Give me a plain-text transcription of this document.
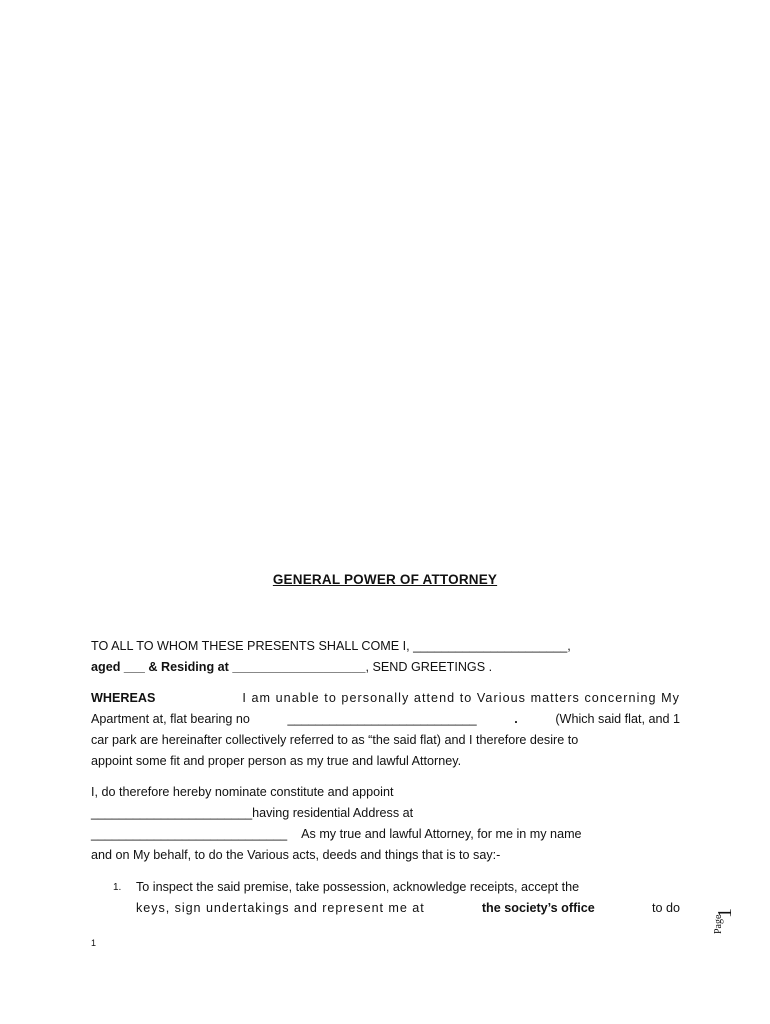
GENERAL POWER OF ATTORNEY
TO ALL TO WHOM THESE PRESENTS SHALL COME I, ______________________,
aged ___ & Residing at ___________________, SEND GREETINGS .
WHEREAS	I am unable to personally attend to Various matters concerning My
Apartment at, flat bearing no	___________________________	.	(Which said flat, and 1
car park are hereinafter collectively referred to as “the said flat) and I therefore desire to
appoint some fit and proper person as my true and lawful Attorney.
I, do therefore hereby nominate constitute and appoint
_______________________having residential Address at
____________________________ As my true and lawful Attorney, for me in my name
and on My behalf, to do the Various acts, deeds and things that is to say:-
1. To inspect the said premise, take possession, acknowledge receipts, accept the
keys, sign undertakings and represent me at	the society’s office	to do
1
Page
1
